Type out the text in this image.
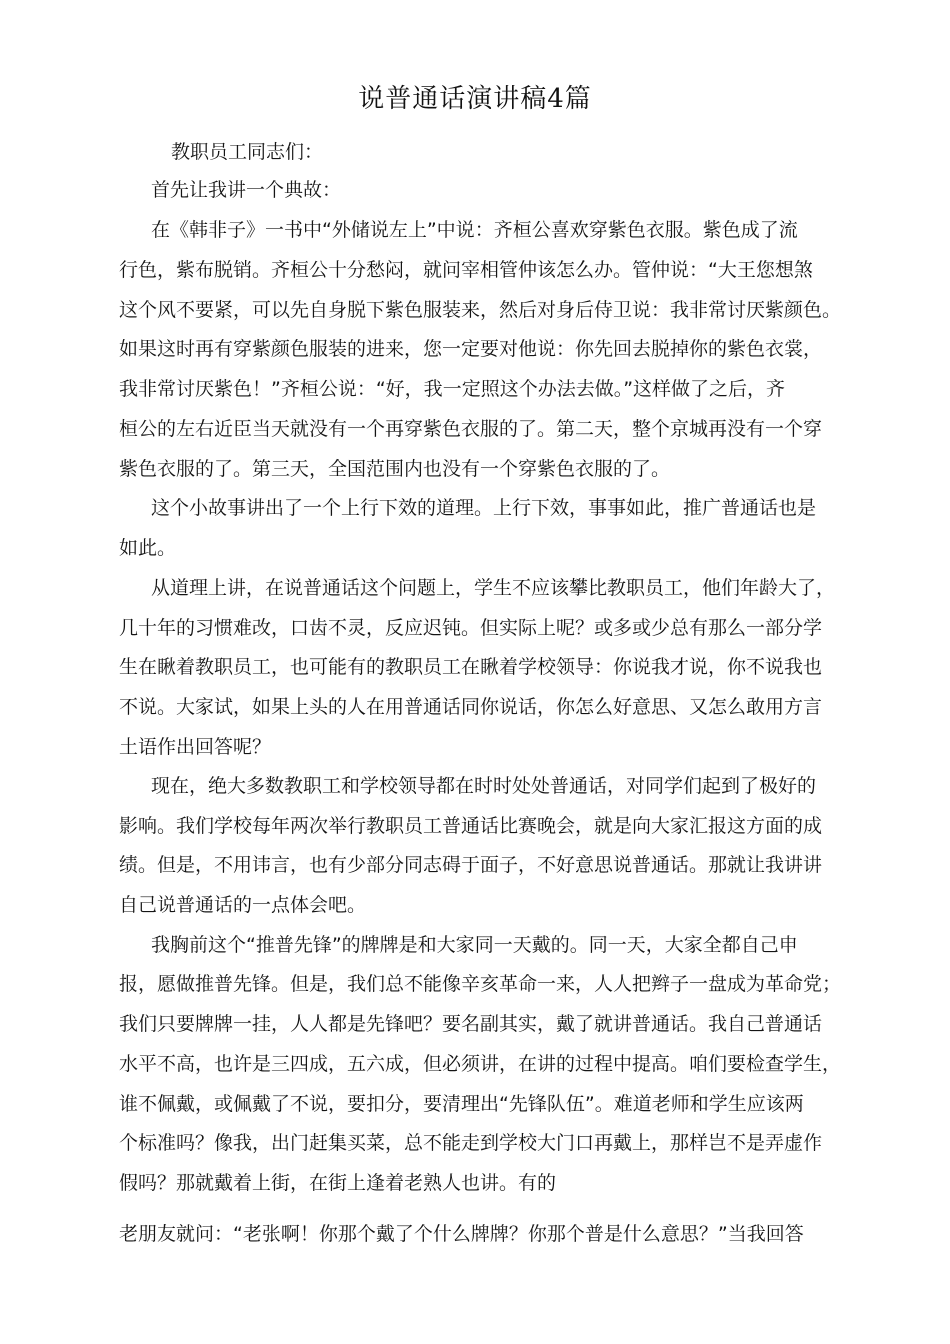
说普通话演讲稿4篇
教职员工同志们：
首先让我讲一个典故：
在《韩非子》一书中“外储说左上”中说：齐桓公喜欢穿紫色衣服。紫色成了流
行色，紫布脱销。齐桓公十分愁闷，就问宰相管仲该怎么办。管仲说：“大王您想煞
这个风不要紧，可以先自身脱下紫色服装来，然后对身后侍卫说：我非常讨厌紫颜色。
如果这时再有穿紫颜色服装的进来，您一定要对他说：你先回去脱掉你的紫色衣裳，
我非常讨厌紫色！”齐桓公说：“好，我一定照这个办法去做。”这样做了之后，齐
桓公的左右近臣当天就没有一个再穿紫色衣服的了。第二天，整个京城再没有一个穿
紫色衣服的了。第三天，全国范围内也没有一个穿紫色衣服的了。
这个小故事讲出了一个上行下效的道理。上行下效，事事如此，推广普通话也是
如此。
从道理上讲，在说普通话这个问题上，学生不应该攀比教职员工，他们年龄大了，
几十年的习惯难改，口齿不灵，反应迟钝。但实际上呢？或多或少总有那么一部分学
生在瞅着教职员工，也可能有的教职员工在瞅着学校领导：你说我才说，你不说我也
不说。大家试，如果上头的人在用普通话同你说话，你怎么好意思、又怎么敢用方言
土语作出回答呢？
现在，绝大多数教职工和学校领导都在时时处处普通话，对同学们起到了极好的
影响。我们学校每年两次举行教职员工普通话比赛晚会，就是向大家汇报这方面的成
绩。但是，不用讳言，也有少部分同志碍于面子，不好意思说普通话。那就让我讲讲
自己说普通话的一点体会吧。
我胸前这个“推普先锋”的牌牌是和大家同一天戴的。同一天，大家全都自己申
报，愿做推普先锋。但是，我们总不能像辛亥革命一来，人人把辫子一盘成为革命党；
我们只要牌牌一挂，人人都是先锋吧？要名副其实，戴了就讲普通话。我自己普通话
水平不高，也许是三四成，五六成，但必须讲，在讲的过程中提高。咱们要检查学生，
谁不佩戴，或佩戴了不说，要扣分，要清理出“先锋队伍”。难道老师和学生应该两
个标准吗？像我，出门赶集买菜，总不能走到学校大门口再戴上，那样岂不是弄虚作
假吗？那就戴着上街，在街上逢着老熟人也讲。有的
老朋友就问：“老张啊！你那个戴了个什么牌牌？你那个普是什么意思？”当我回答
